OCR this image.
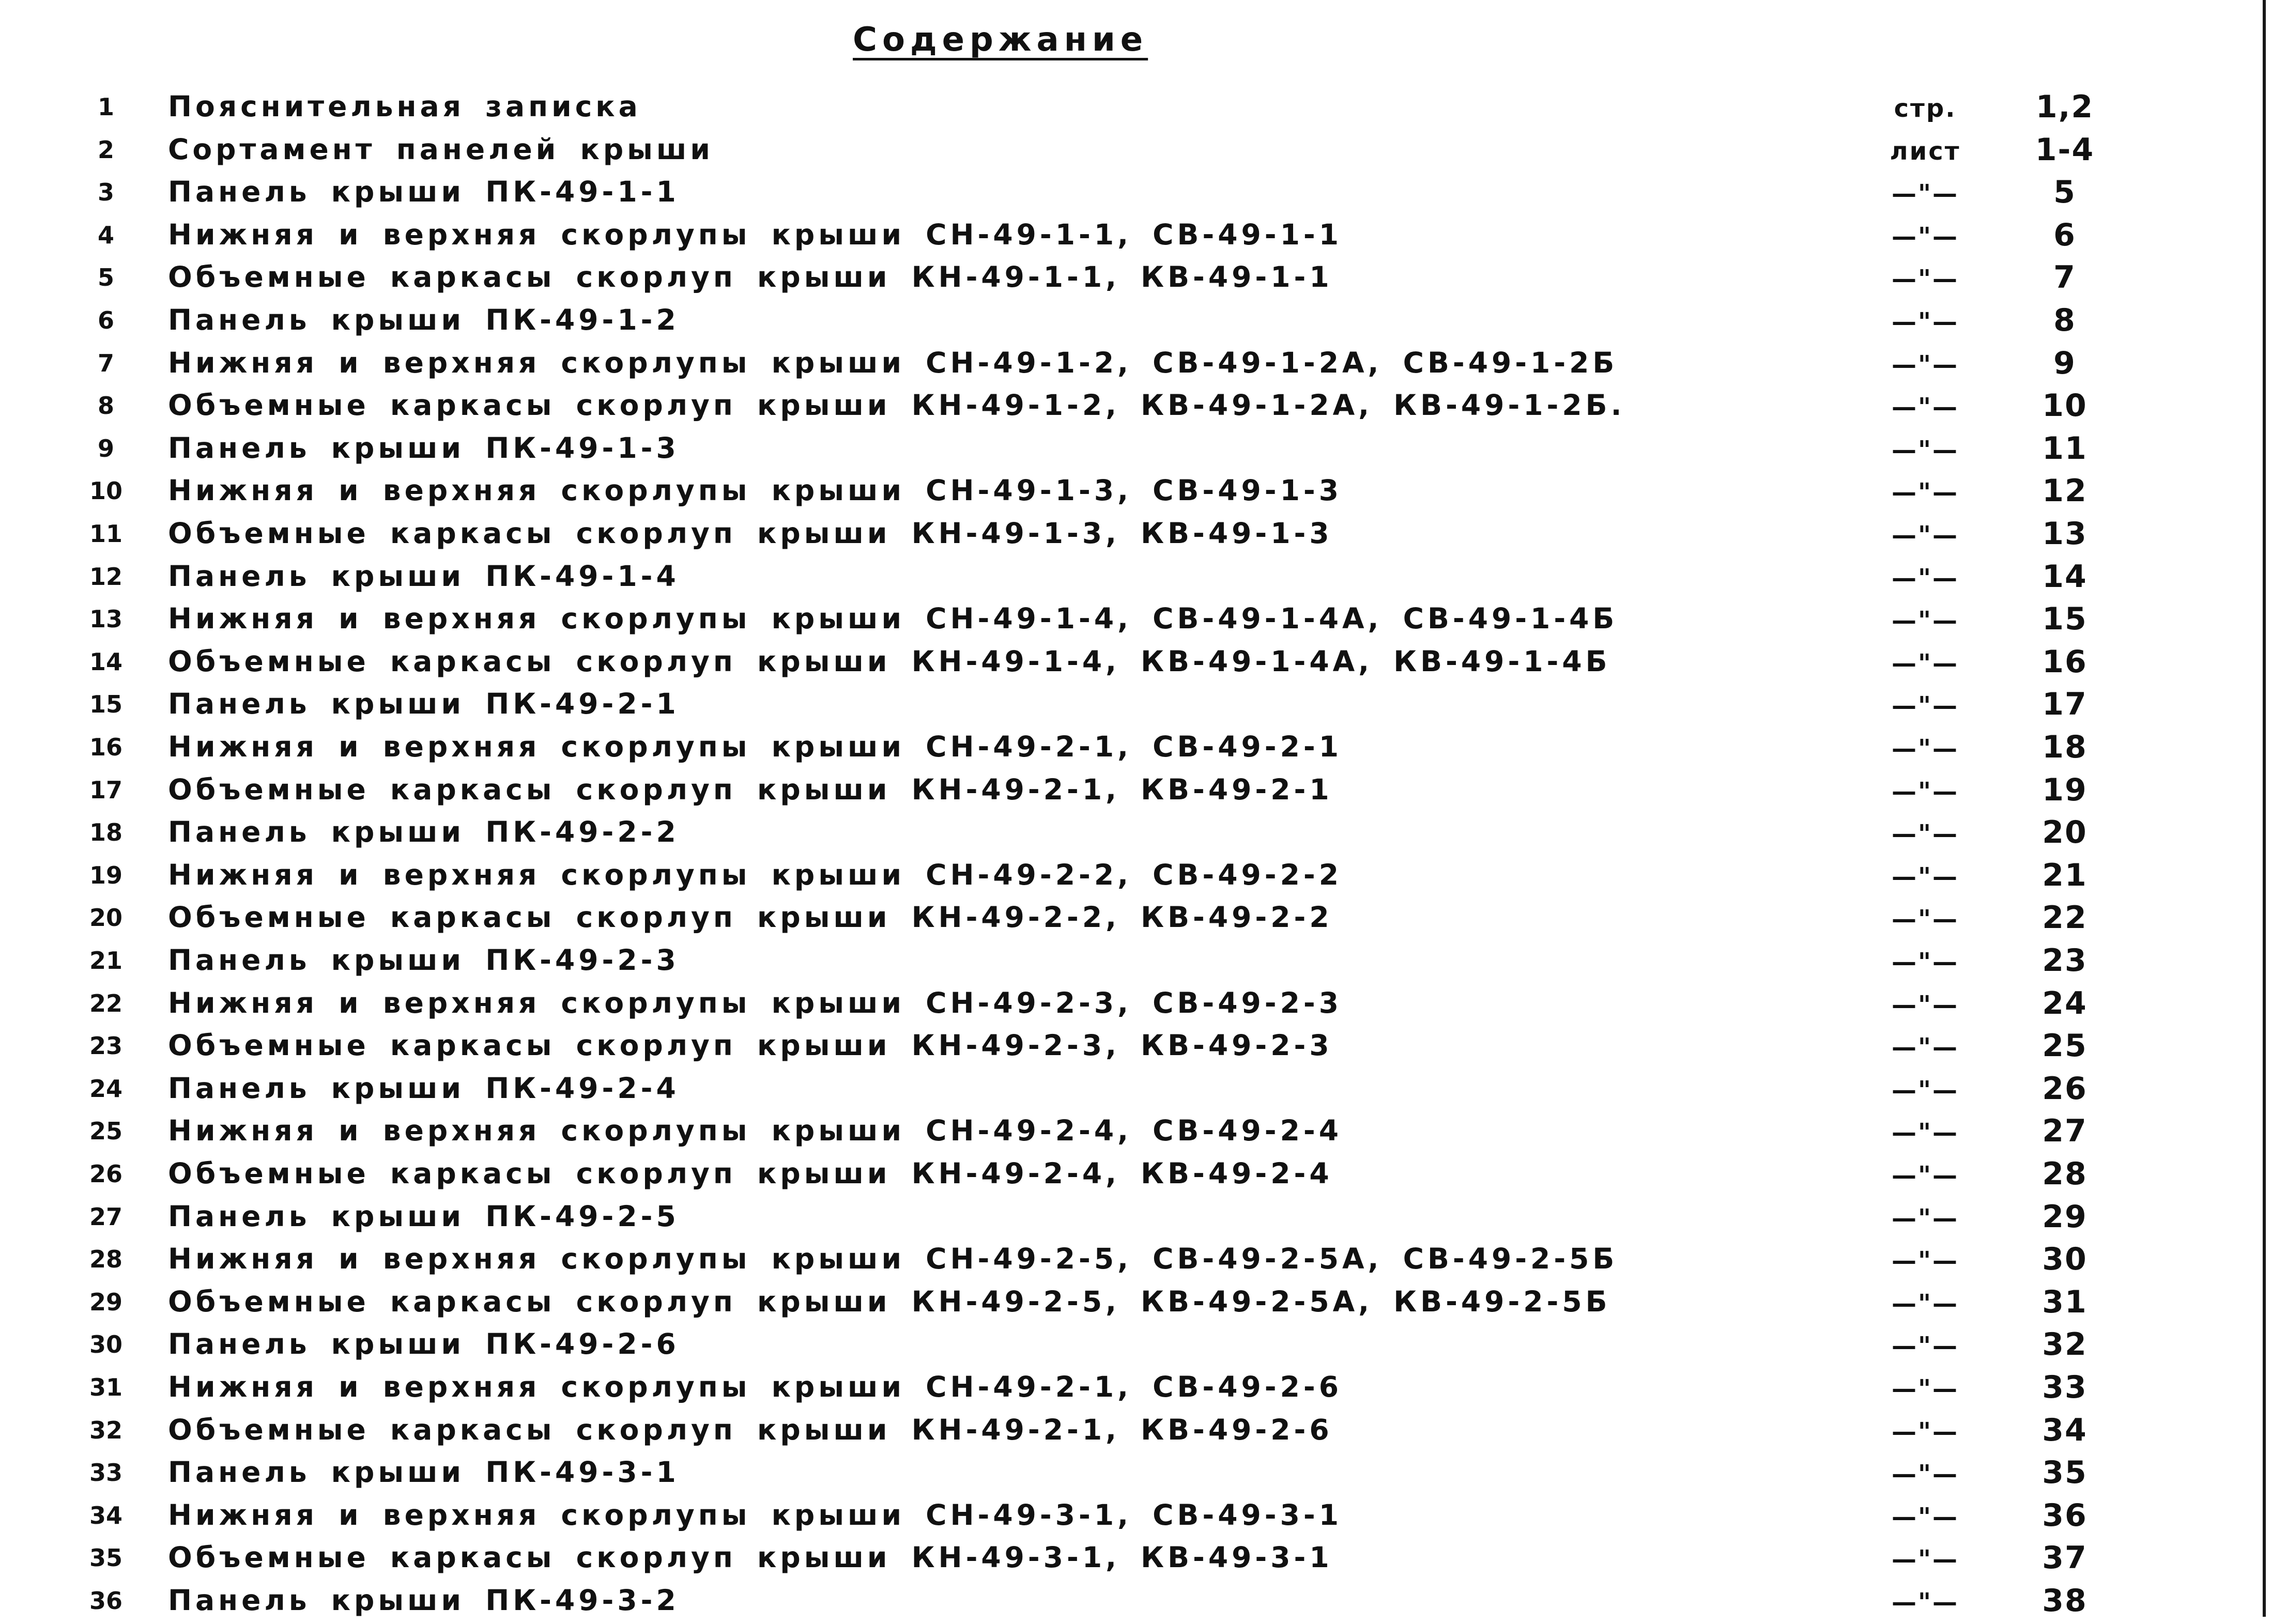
Содержание
1	Пояснительная записка	стр.	1,2
2	Сортамент панелей крыши	лист	1-4
3	Панель крыши ПК-49-1-1	—"—	5
4	Нижняя и верхняя скорлупы крыши СН-49-1-1, СВ-49-1-1	—"—	6
5	Объемные каркасы скорлуп крыши КН-49-1-1, КВ-49-1-1	—"—	7
6	Панель крыши ПК-49-1-2	—"—	8
7	Нижняя и верхняя скорлупы крыши СН-49-1-2, СВ-49-1-2А, СВ-49-1-2Б	—"—	9
8	Объемные каркасы скорлуп крыши КН-49-1-2, КВ-49-1-2А, КВ-49-1-2Б.	—"—	10
9	Панель крыши ПК-49-1-3	—"—	11
10	Нижняя и верхняя скорлупы крыши СН-49-1-3, СВ-49-1-3	—"—	12
11	Объемные каркасы скорлуп крыши КН-49-1-3, КВ-49-1-3	—"—	13
12	Панель крыши ПК-49-1-4	—"—	14
13	Нижняя и верхняя скорлупы крыши СН-49-1-4, СВ-49-1-4А, СВ-49-1-4Б	—"—	15
14	Объемные каркасы скорлуп крыши КН-49-1-4, КВ-49-1-4А, КВ-49-1-4Б	—"—	16
15	Панель крыши ПК-49-2-1	—"—	17
16	Нижняя и верхняя скорлупы крыши СН-49-2-1, СВ-49-2-1	—"—	18
17	Объемные каркасы скорлуп крыши КН-49-2-1, КВ-49-2-1	—"—	19
18	Панель крыши ПК-49-2-2	—"—	20
19	Нижняя и верхняя скорлупы крыши СН-49-2-2, СВ-49-2-2	—"—	21
20	Объемные каркасы скорлуп крыши КН-49-2-2, КВ-49-2-2	—"—	22
21	Панель крыши ПК-49-2-3	—"—	23
22	Нижняя и верхняя скорлупы крыши СН-49-2-3, СВ-49-2-3	—"—	24
23	Объемные каркасы скорлуп крыши КН-49-2-3, КВ-49-2-3	—"—	25
24	Панель крыши ПК-49-2-4	—"—	26
25	Нижняя и верхняя скорлупы крыши СН-49-2-4, СВ-49-2-4	—"—	27
26	Объемные каркасы скорлуп крыши КН-49-2-4, КВ-49-2-4	—"—	28
27	Панель крыши ПК-49-2-5	—"—	29
28	Нижняя и верхняя скорлупы крыши СН-49-2-5, СВ-49-2-5А, СВ-49-2-5Б	—"—	30
29	Объемные каркасы скорлуп крыши КН-49-2-5, КВ-49-2-5А, КВ-49-2-5Б	—"—	31
30	Панель крыши ПК-49-2-6	—"—	32
31	Нижняя и верхняя скорлупы крыши СН-49-2-1, СВ-49-2-6	—"—	33
32	Объемные каркасы скорлуп крыши КН-49-2-1, КВ-49-2-6	—"—	34
33	Панель крыши ПК-49-3-1	—"—	35
34	Нижняя и верхняя скорлупы крыши СН-49-3-1, СВ-49-3-1	—"—	36
35	Объемные каркасы скорлуп крыши КН-49-3-1, КВ-49-3-1	—"—	37
36	Панель крыши ПК-49-3-2	—"—	38
